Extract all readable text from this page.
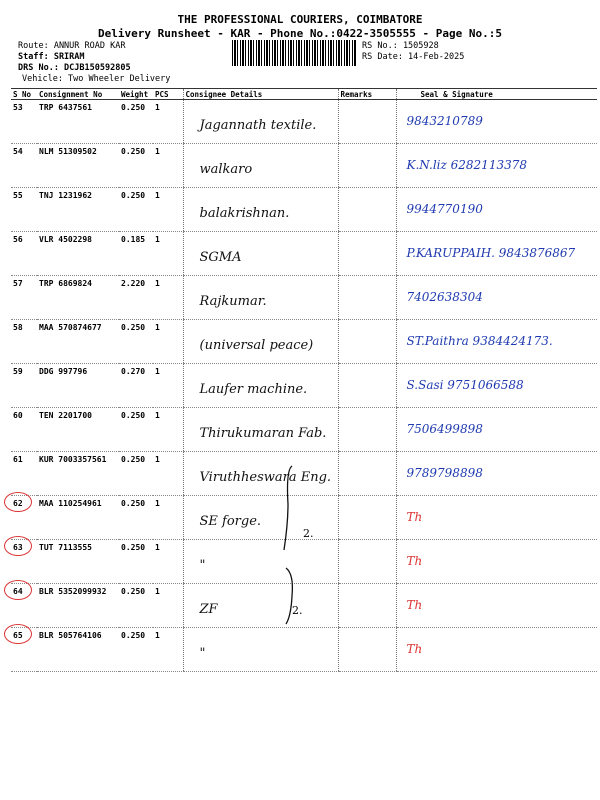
THE PROFESSIONAL COURIERS, COIMBATORE
Delivery Runsheet - KAR - Phone No.:0422-3505555 - Page No.:5
Route: ANNUR ROAD KAR
Staff: SRIRAM
DRS No.: DCJB150592805
Vehicle: Two Wheeler Delivery
RS No.: 1505928
RS Date: 14-Feb-2025
S No	Consignment No	Weight	PCS	Consignee Details	Remarks	Seal & Signature
53	TRP 6437561	0.250	1	Jagannath textile.		9843210789

54	NLM 51309502	0.250	1	walkaro		K.N.liz 6282113378

55	TNJ 1231962	0.250	1	balakrishnan.		9944770190

56	VLR 4502298	0.185	1	SGMA		P.KARUPPAIH. 9843876867

57	TRP 6869824	2.220	1	Rajkumar.		7402638304

58	MAA 570874677	0.250	1	(universal peace)		ST.Paithra 9384424173.

59	DDG 997796	0.270	1	Laufer machine.		S.Sasi 9751066588

60	TEN 2201700	0.250	1	Thirukumaran Fab.		7506499898

61	KUR 7003357561	0.250	1	Viruthheswara Eng.		9789798898

62	MAA 110254961	0.250	1	SE forge.		Th

63	TUT 7113555	0.250	1	"		Th

64	BLR 5352099932	0.250	1	ZF		Th

65	BLR 505764106	0.250	1	"		Th
2.
2.
